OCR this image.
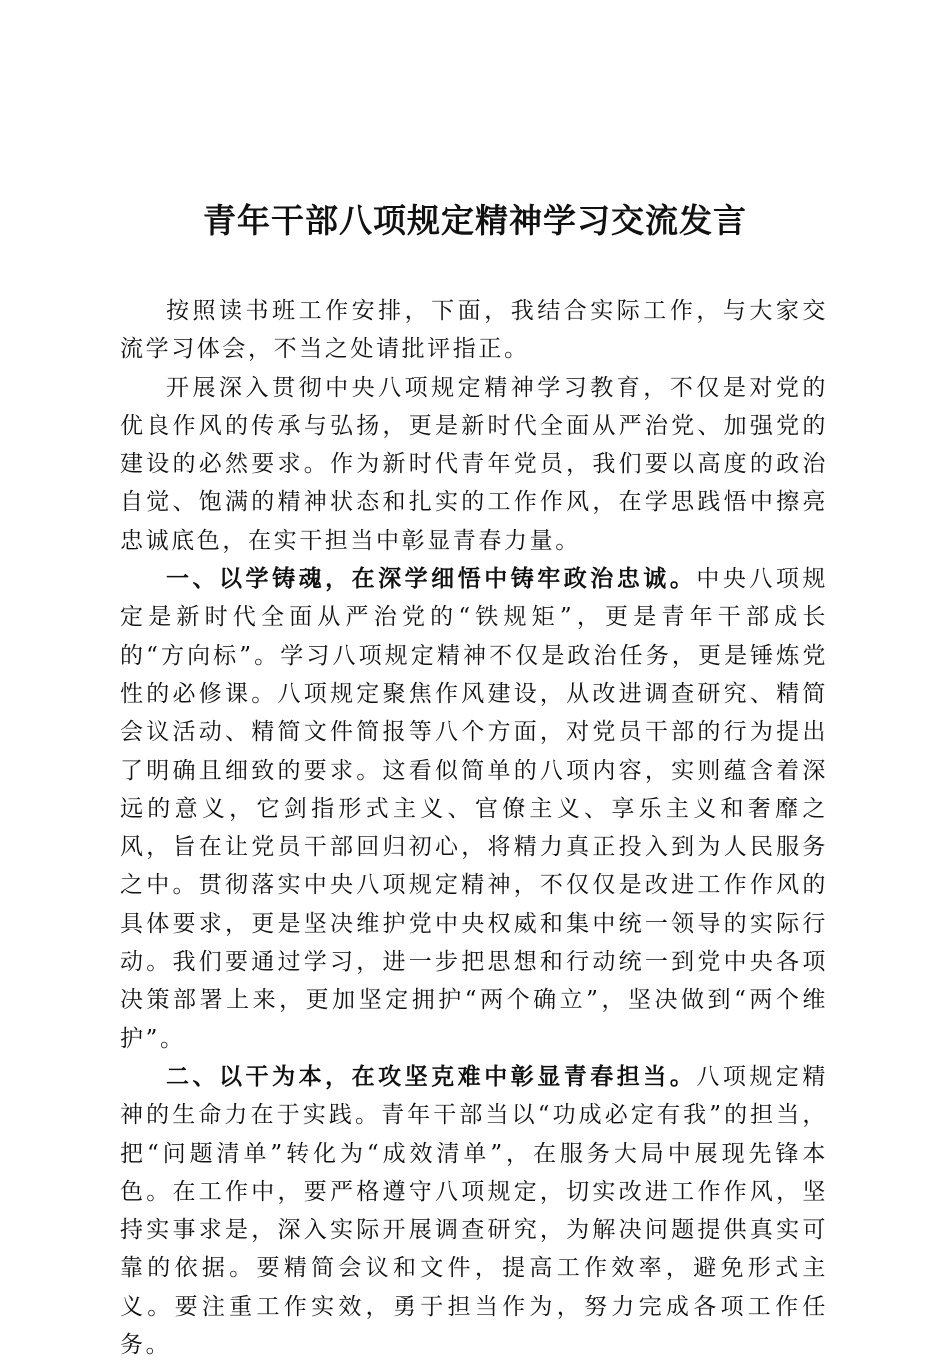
青年干部八项规定精神学习交流发言

按照读书班工作安排，下面，我结合实际工作，与大家交流学习体会，不当之处请批评指正。

开展深入贯彻中央八项规定精神学习教育，不仅是对党的优良作风的传承与弘扬，更是新时代全面从严治党、加强党的建设的必然要求。作为新时代青年党员，我们要以高度的政治自觉、饱满的精神状态和扎实的工作作风，在学思践悟中擦亮忠诚底色，在实干担当中彰显青春力量。

一、以学铸魂，在深学细悟中铸牢政治忠诚。中央八项规定是新时代全面从严治党的“铁规矩”，更是青年干部成长的“方向标”。学习八项规定精神不仅是政治任务，更是锤炼党性的必修课。八项规定聚焦作风建设，从改进调查研究、精简会议活动、精简文件简报等八个方面，对党员干部的行为提出了明确且细致的要求。这看似简单的八项内容，实则蕴含着深远的意义，它剑指形式主义、官僚主义、享乐主义和奢靡之风，旨在让党员干部回归初心，将精力真正投入到为人民服务之中。贯彻落实中央八项规定精神，不仅仅是改进工作作风的具体要求，更是坚决维护党中央权威和集中统一领导的实际行动。我们要通过学习，进一步把思想和行动统一到党中央各项决策部署上来，更加坚定拥护“两个确立”，坚决做到“两个维护”。

二、以干为本，在攻坚克难中彰显青春担当。八项规定精神的生命力在于实践。青年干部当以“功成必定有我”的担当，把“问题清单”转化为“成效清单”，在服务大局中展现先锋本色。在工作中，要严格遵守八项规定，切实改进工作作风，坚持实事求是，深入实际开展调查研究，为解决问题提供真实可靠的依据。要精简会议和文件，提高工作效率，避免形式主义。要注重工作实效，勇于担当作为，努力完成各项工作任务。
